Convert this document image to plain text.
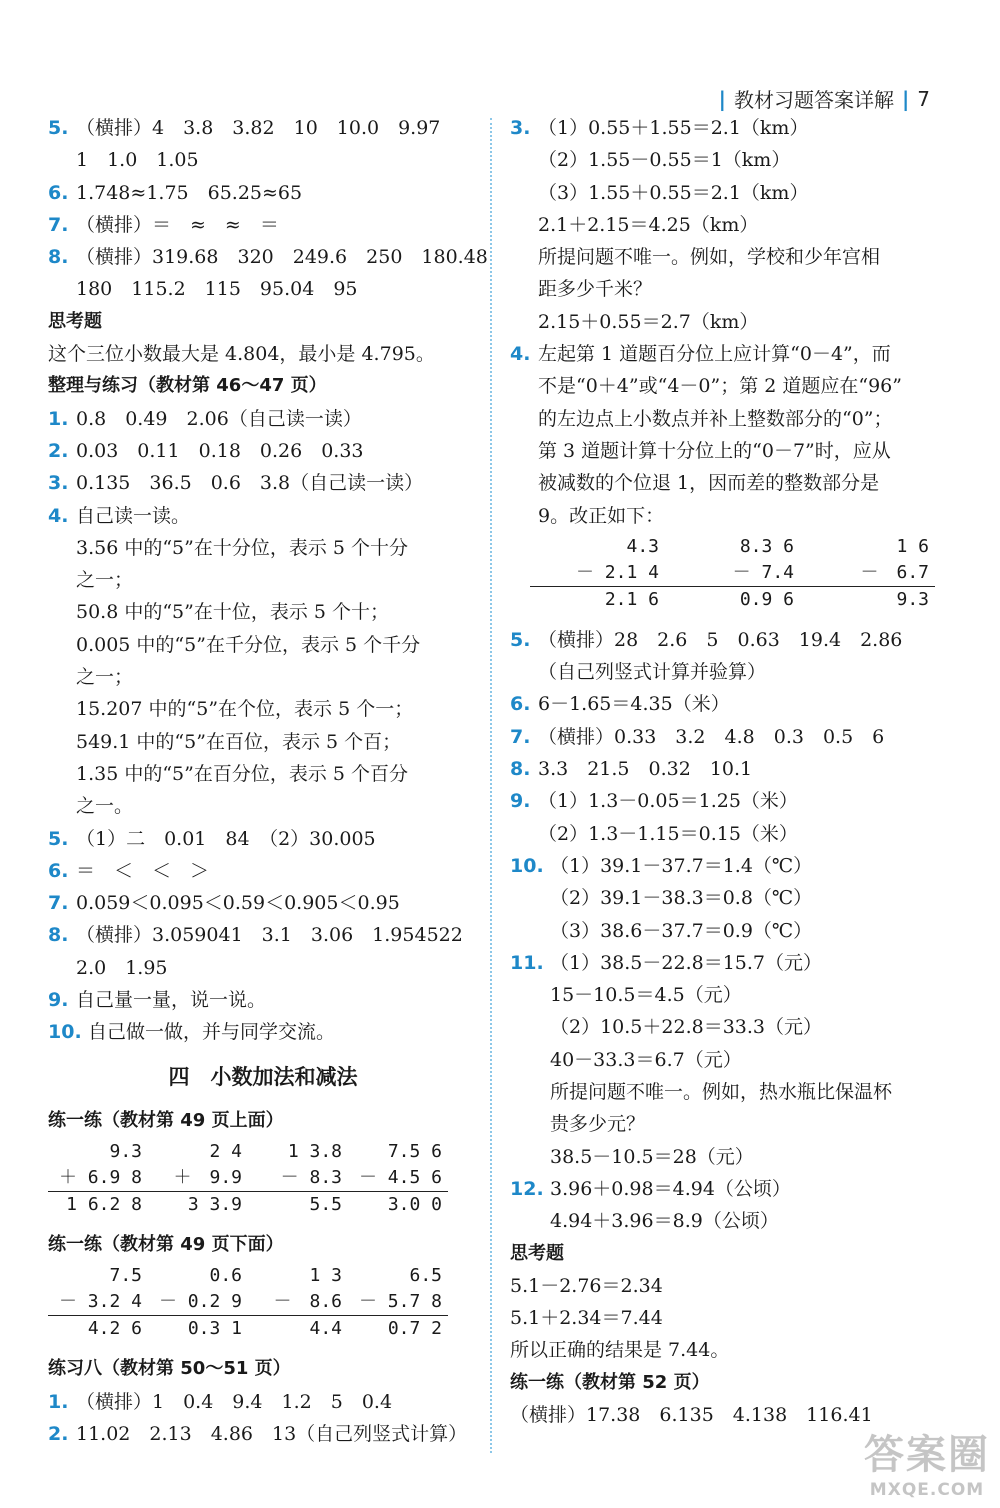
| 教材习题答案详解 | 7
5. （横排）4　3.8　3.82　10　10.0　9.97
1　1.0　1.05
6. 1.748≈1.75　65.25≈65
7. （横排）＝　≈　≈　＝
8. （横排）319.68　320　249.6　250　180.48
180　115.2　115　95.04　95
思考题
这个三位小数最大是 4.804，最小是 4.795。
整理与练习（教材第 46～47 页）
1. 0.8　0.49　2.06（自己读一读）
2. 0.03　0.11　0.18　0.26　0.33
3. 0.135　36.5　0.6　3.8（自己读一读）
4. 自己读一读。
3.56 中的“5”在十分位，表示 5 个十分
之一；
50.8 中的“5”在十位，表示 5 个十；
0.005 中的“5”在千分位，表示 5 个千分
之一；
15.207 中的“5”在个位，表示 5 个一；
549.1 中的“5”在百位，表示 5 个百；
1.35 中的“5”在百分位，表示 5 个百分
之一。
5. （1）二　0.01　84　（2）30.005
6. ＝　＜　＜　＞
7. 0.059＜0.095＜0.59＜0.905＜0.95
8. （横排）3.059041　3.1　3.06　1.954522
2.0　1.95
9. 自己量一量，说一说。
10. 自己做一做，并与同学交流。
四　小数加法和减法
练一练（教材第 49 页上面）
9.3
＋ 6.9 8
1 6.2 8
2 4
＋　9.9
3 3.9
1 3.8
－ 8.3
5.5
7.5 6
－ 4.5 6
3.0 0
练一练（教材第 49 页下面）
7.5
－ 3.2 4
4.2 6
0.6
－ 0.2 9
0.3 1
1 3
－　8.6
4.4
6.5
－ 5.7 8
0.7 2
练习八（教材第 50～51 页）
1. （横排）1　0.4　9.4　1.2　5　0.4
2. 11.02　2.13　4.86　13（自己列竖式计算）
3. （1）0.55＋1.55＝2.1（km）
（2）1.55－0.55＝1（km）
（3）1.55＋0.55＝2.1（km）
2.1＋2.15＝4.25（km）
所提问题不唯一。例如，学校和少年宫相
距多少千米？
2.15＋0.55＝2.7（km）
4. 左起第 1 道题百分位上应计算“0－4”，而
不是“0＋4”或“4－0”；第 2 道题应在“96”
的左边点上小数点并补上整数部分的“0”；
第 3 道题计算十分位上的“0－7”时，应从
被减数的个位退 1，因而差的整数部分是
9。改正如下：
4.3
－ 2.1 4
2.1 6
8.3 6
－ 7.4
0.9 6
1 6
－　6.7
9.3
5. （横排）28　2.6　5　0.63　19.4　2.86
（自己列竖式计算并验算）
6. 6－1.65＝4.35（米）
7. （横排）0.33　3.2　4.8　0.3　0.5　6
8. 3.3　21.5　0.32　10.1
9. （1）1.3－0.05＝1.25（米）
（2）1.3－1.15＝0.15（米）
10. （1）39.1－37.7＝1.4（℃）
（2）39.1－38.3＝0.8（℃）
（3）38.6－37.7＝0.9（℃）
11. （1）38.5－22.8＝15.7（元）
15－10.5＝4.5（元）
（2）10.5＋22.8＝33.3（元）
40－33.3＝6.7（元）
所提问题不唯一。例如，热水瓶比保温杯
贵多少元？
38.5－10.5＝28（元）
12. 3.96＋0.98＝4.94（公顷）
4.94＋3.96＝8.9（公顷）
思考题
5.1－2.76＝2.34
5.1＋2.34＝7.44
所以正确的结果是 7.44。
练一练（教材第 52 页）
（横排）17.38　6.135　4.138　116.41
答案圈
MXQE.COM
